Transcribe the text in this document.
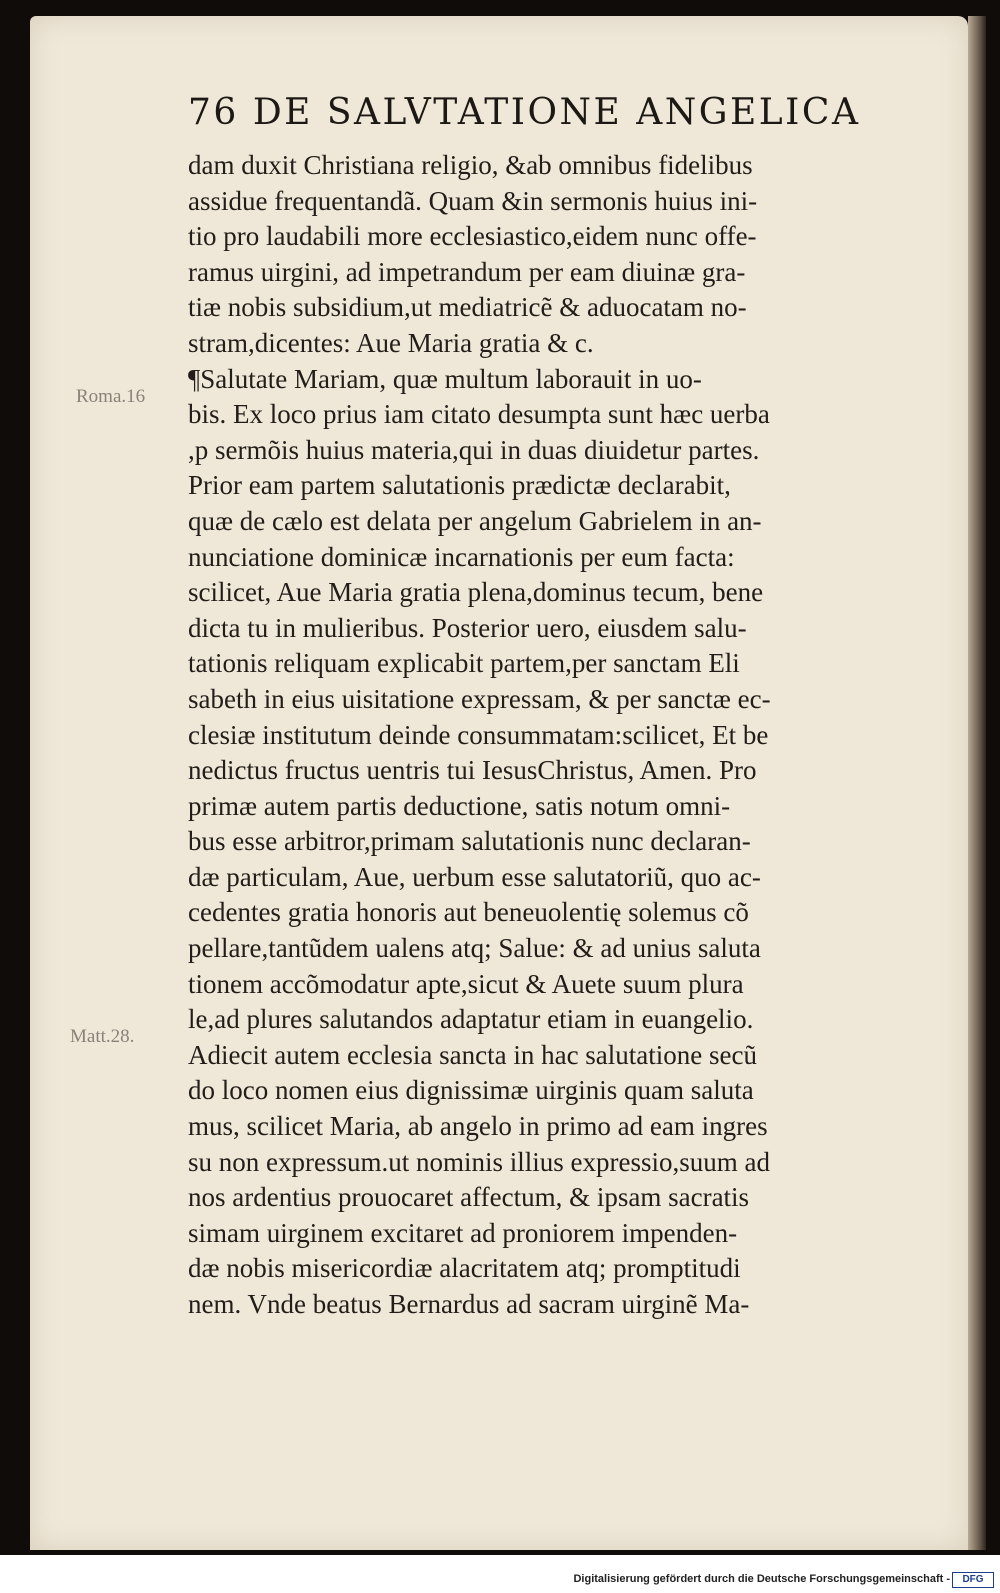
76 DE SALVTATIONE ANGELICA
Roma.16
Matt.28.
dam duxit Christiana religio, &ab omnibus fidelibus
assidue frequentandã. Quam &in sermonis huius ini-
tio pro laudabili more ecclesiastico,eidem nunc offe-
ramus uirgini, ad impetrandum per eam diuinæ gra-
tiæ nobis subsidium,ut mediatricẽ & aduocatam no-
stram,dicentes: Aue Maria gratia & c.
¶Salutate Mariam, quæ multum laborauit in uo-
bis. Ex loco prius iam citato desumpta sunt hæc uerba
,p sermõis huius materia,qui in duas diuidetur partes.
Prior eam partem salutationis prædictæ declarabit,
quæ de cælo est delata per angelum Gabrielem in an-
nunciatione dominicæ incarnationis per eum facta:
scilicet, Aue Maria gratia plena,dominus tecum, bene
dicta tu in mulieribus. Posterior uero, eiusdem salu-
tationis reliquam explicabit partem,per sanctam Eli
sabeth in eius uisitatione expressam, & per sanctæ ec-
clesiæ institutum deinde consummatam:scilicet, Et be
nedictus fructus uentris tui IesusChristus, Amen. Pro
primæ autem partis deductione, satis notum omni-
bus esse arbitror,primam salutationis nunc declaran-
dæ particulam, Aue, uerbum esse salutatoriũ, quo ac-
cedentes gratia honoris aut beneuolentię solemus cõ
pellare,tantũdem ualens atq; Salue: & ad unius saluta
tionem accõmodatur apte,sicut & Auete suum plura
le,ad plures salutandos adaptatur etiam in euangelio.
Adiecit autem ecclesia sancta in hac salutatione secũ
do loco nomen eius dignissimæ uirginis quam saluta
mus, scilicet Maria, ab angelo in primo ad eam ingres
su non expressum.ut nominis illius expressio,suum ad
nos ardentius prouocaret affectum, & ipsam sacratis
simam uirginem excitaret ad proniorem impenden-
dæ nobis misericordiæ alacritatem atq; promptitudi
nem. Vnde beatus Bernardus ad sacram uirginẽ Ma-
Digitalisierung gefördert durch die Deutsche Forschungsgemeinschaft -	DFG
